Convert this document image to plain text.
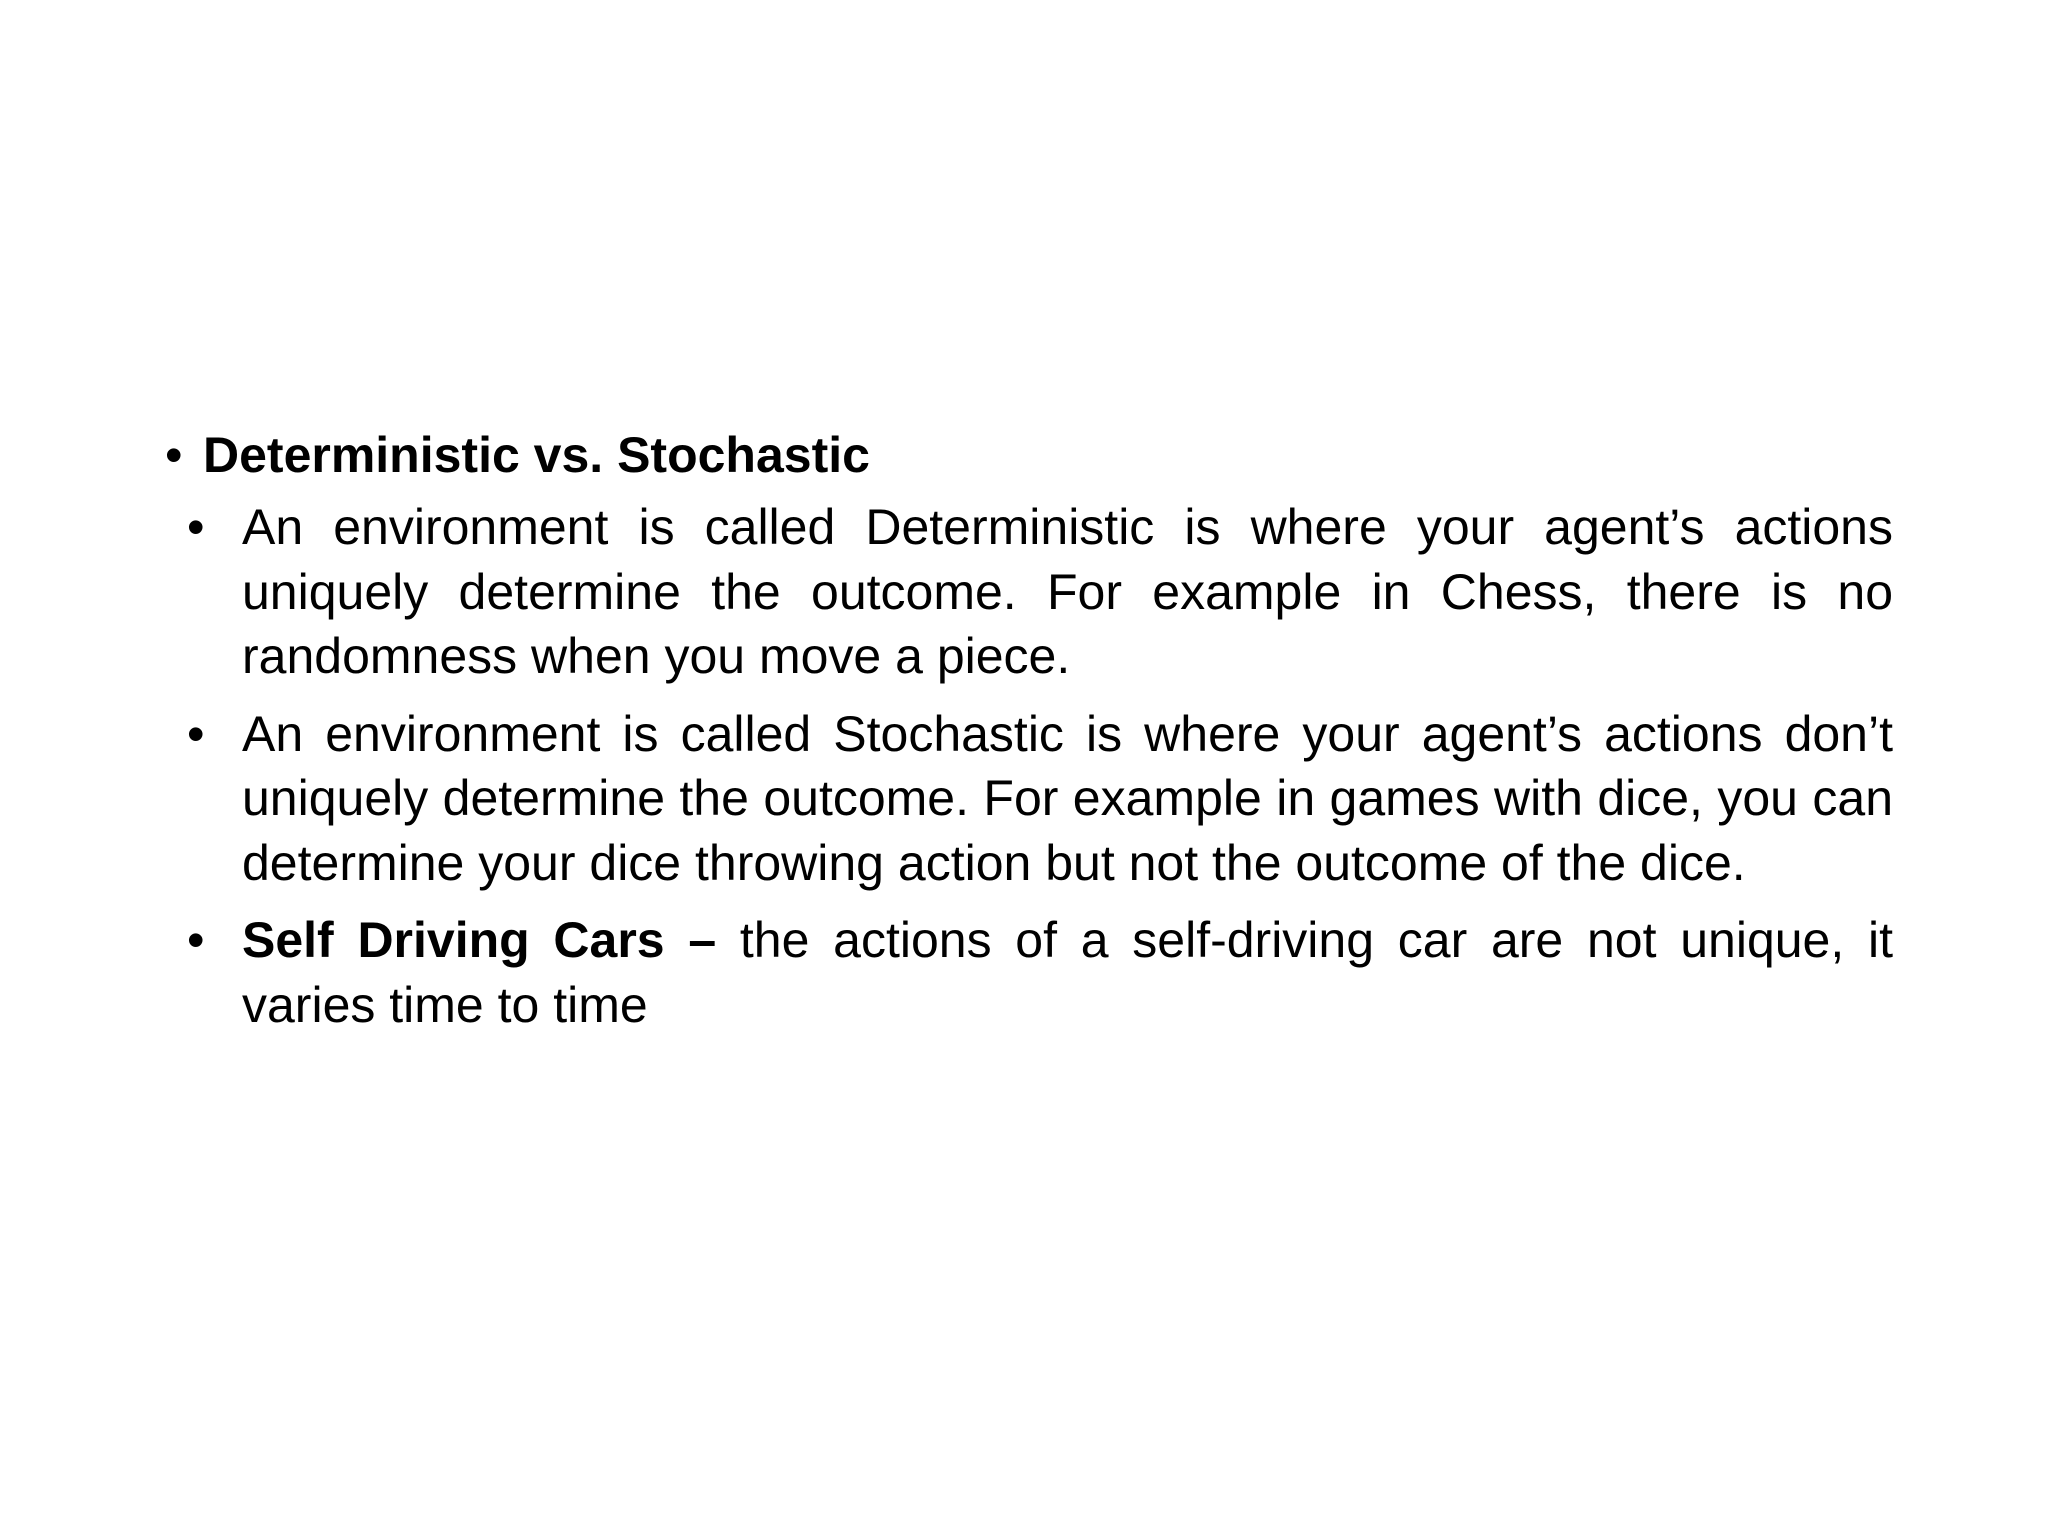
• Deterministic vs. Stochastic
• An environment is called Deterministic is where your agent’s actions uniquely determine the outcome. For example in Chess, there is no randomness when you move a piece.
• An environment is called Stochastic is where your agent’s actions don’t uniquely determine the outcome. For example in games with dice, you can determine your dice throwing action but not the outcome of the dice.
• Self Driving Cars – the actions of a self-driving car are not unique, it varies time to time
